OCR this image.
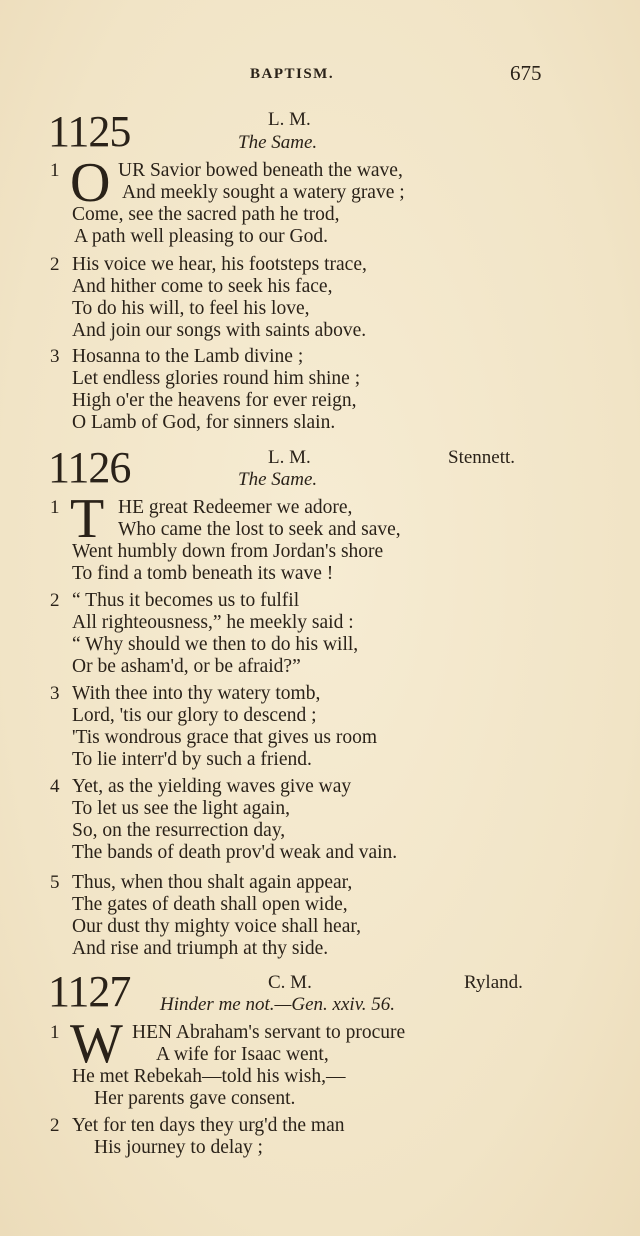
BAPTISM.	675
1125	L. M.
The Same.
1 O UR Savior bowed beneath the wave,
And meekly sought a watery grave ;
Come, see the sacred path he trod,
A path well pleasing to our God.
2 His voice we hear, his footsteps trace,
And hither come to seek his face,
To do his will, to feel his love,
And join our songs with saints above.
3 Hosanna to the Lamb divine ;
Let endless glories round him shine ;
High o'er the heavens for ever reign,
O Lamb of God, for sinners slain.
1126	L. M.	Stennett.
The Same.
1 T HE great Redeemer we adore,
Who came the lost to seek and save,
Went humbly down from Jordan's shore
To find a tomb beneath its wave !
2 “ Thus it becomes us to fulfil
All righteousness,” he meekly said :
“ Why should we then to do his will,
Or be asham'd, or be afraid?”
3 With thee into thy watery tomb,
Lord, 'tis our glory to descend ;
'Tis wondrous grace that gives us room
To lie interr'd by such a friend.
4 Yet, as the yielding waves give way
To let us see the light again,
So, on the resurrection day,
The bands of death prov'd weak and vain.
5 Thus, when thou shalt again appear,
The gates of death shall open wide,
Our dust thy mighty voice shall hear,
And rise and triumph at thy side.
1127	C. M.	Ryland.
Hinder me not.—Gen. xxiv. 56.
1 W HEN Abraham's servant to procure
A wife for Isaac went,
He met Rebekah—told his wish,—
Her parents gave consent.
2 Yet for ten days they urg'd the man
His journey to delay ;
